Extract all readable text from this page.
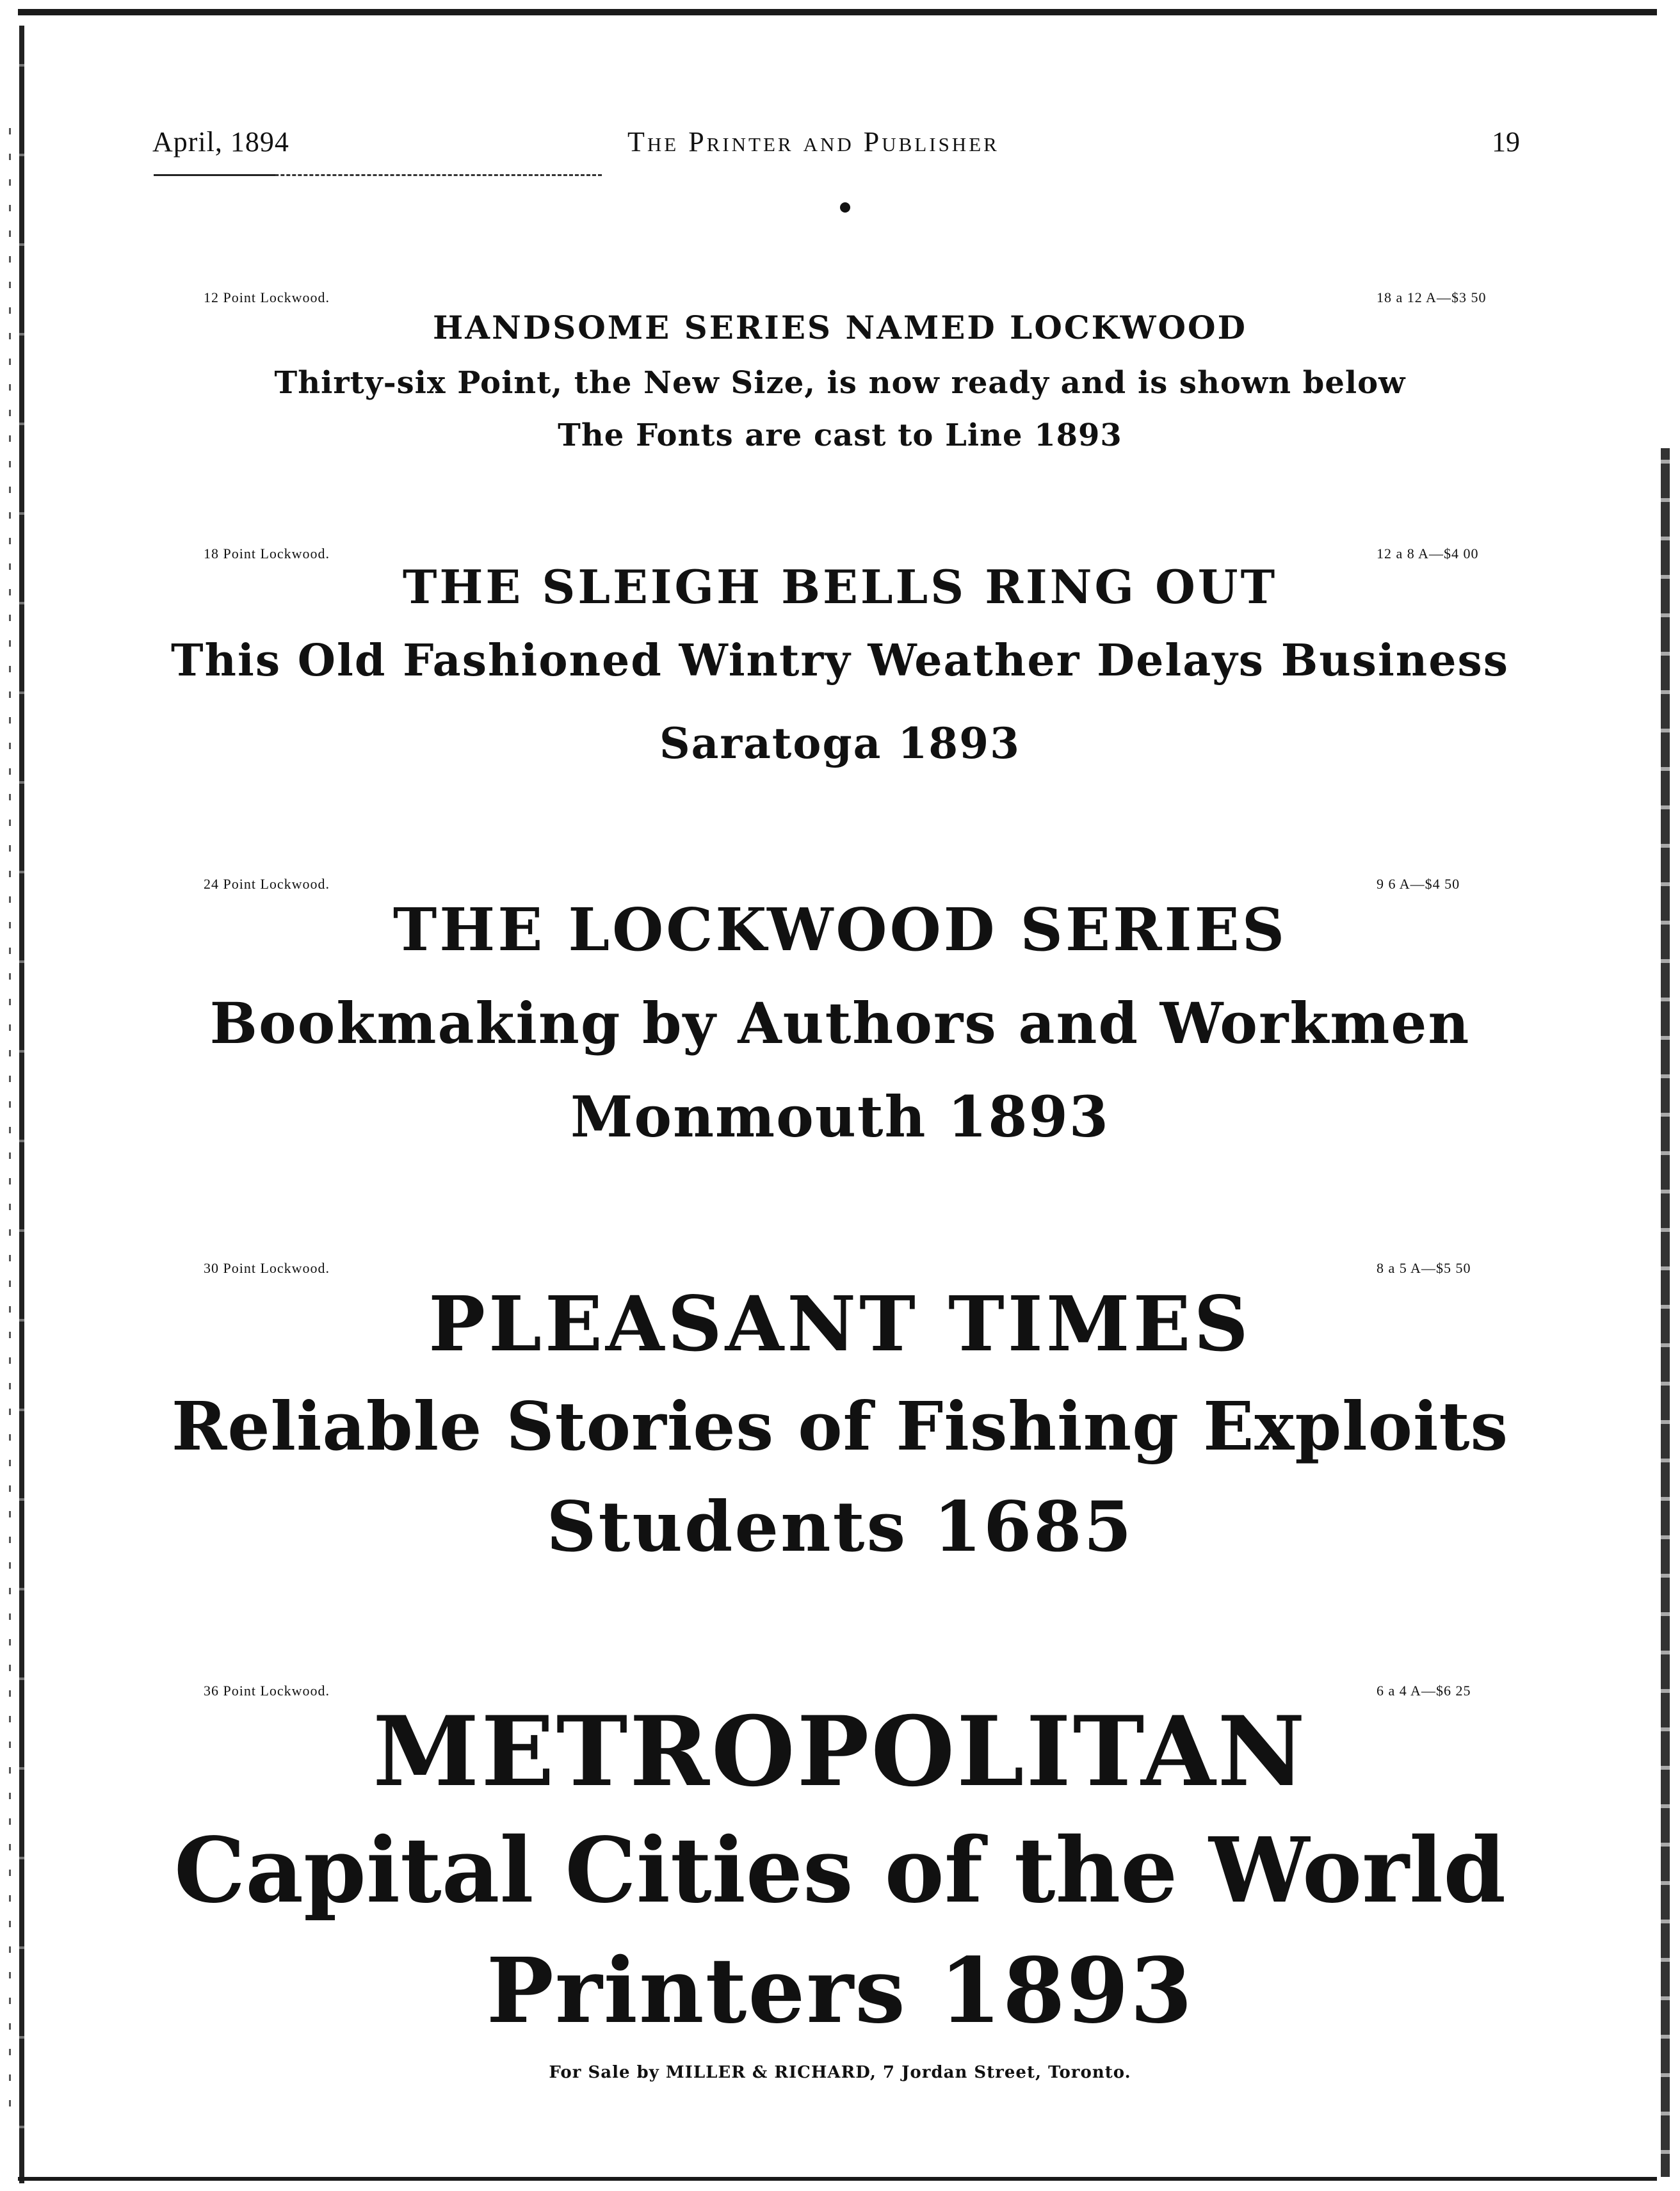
April, 1894	The Printer and Publisher	19
12 Point Lockwood.	18 a 12 A—$3 50
HANDSOME SERIES NAMED LOCKWOOD
Thirty-six Point, the New Size, is now ready and is shown below
The Fonts are cast to Line 1893
18 Point Lockwood.	12 a 8 A—$4 00
THE SLEIGH BELLS RING OUT
This Old Fashioned Wintry Weather Delays Business
Saratoga 1893
24 Point Lockwood.	9 6 A—$4 50
THE LOCKWOOD SERIES
Bookmaking by Authors and Workmen
Monmouth 1893
30 Point Lockwood.	8 a 5 A—$5 50
PLEASANT TIMES
Reliable Stories of Fishing Exploits
Students 1685
36 Point Lockwood.	6 a 4 A—$6 25
METROPOLITAN
Capital Cities of the World
Printers 1893
For Sale by MILLER & RICHARD, 7 Jordan Street, Toronto.
